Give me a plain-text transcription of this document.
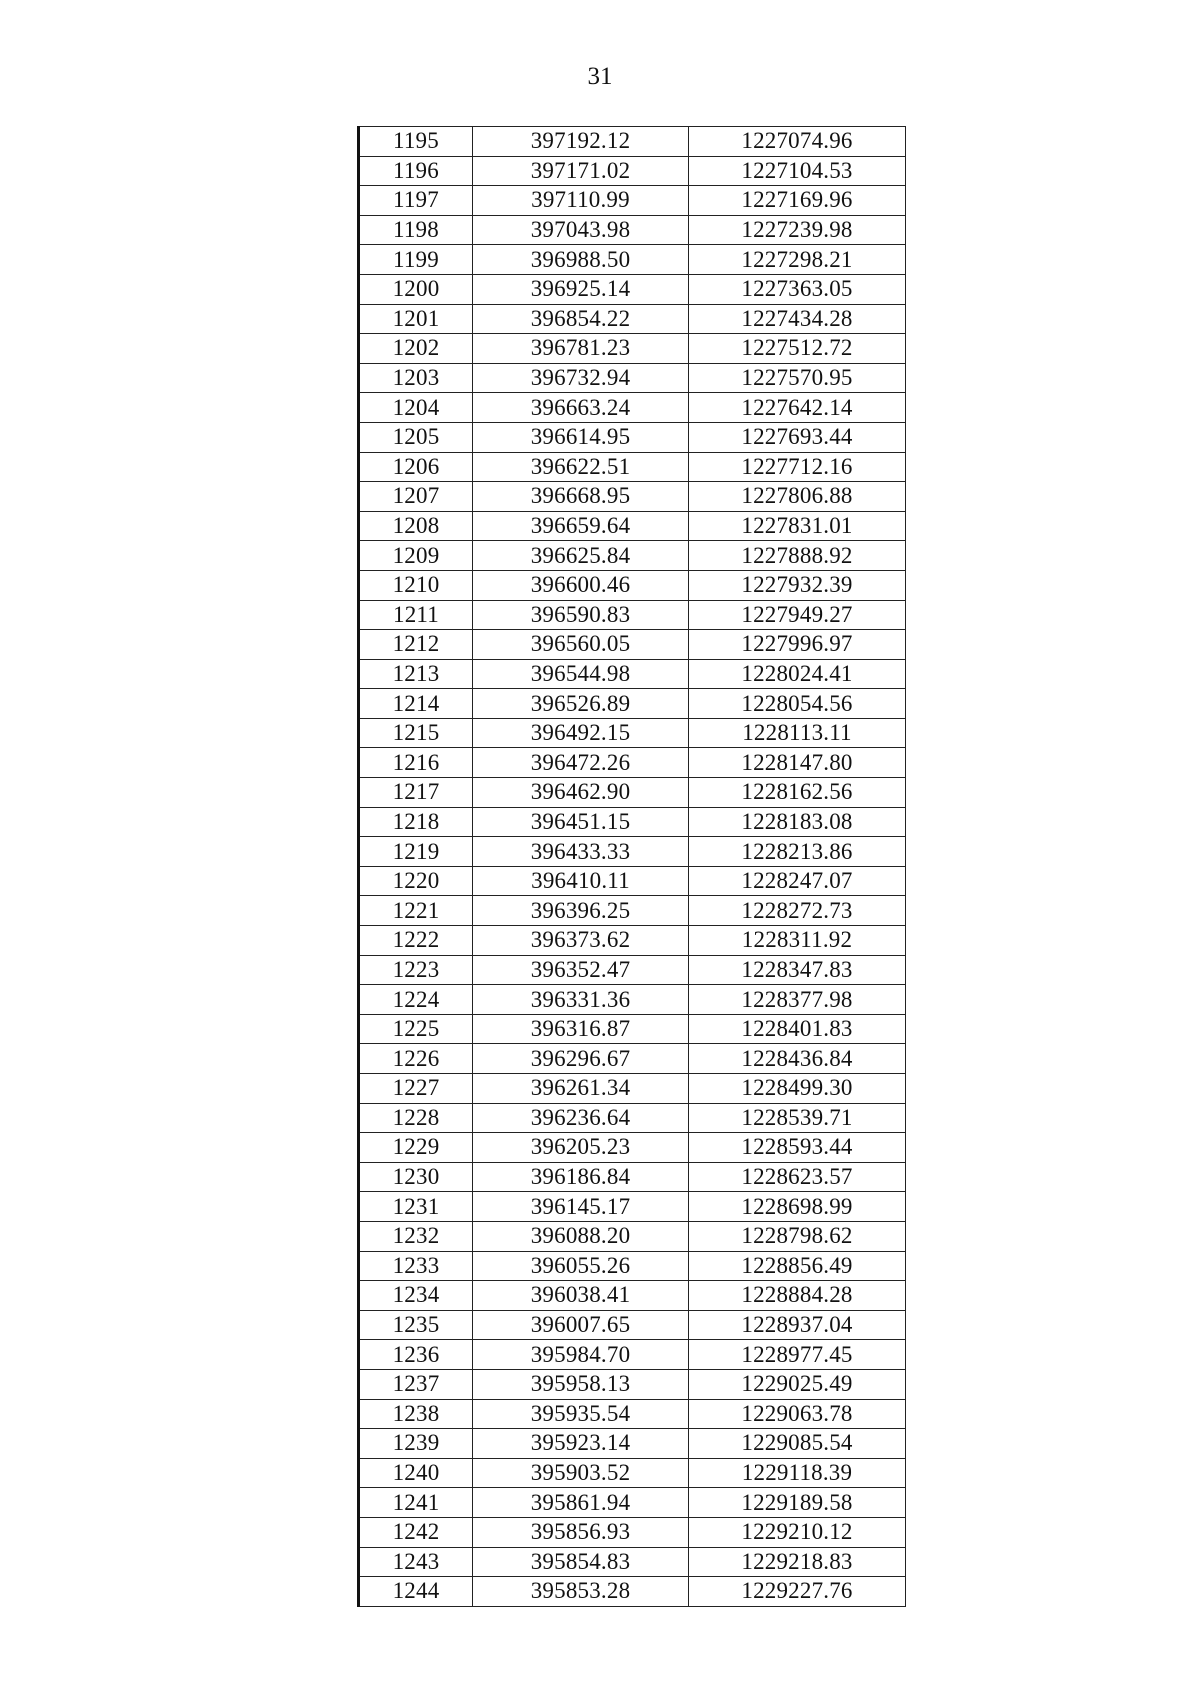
31
1195	397192.12	1227074.96
1196	397171.02	1227104.53
1197	397110.99	1227169.96
1198	397043.98	1227239.98
1199	396988.50	1227298.21
1200	396925.14	1227363.05
1201	396854.22	1227434.28
1202	396781.23	1227512.72
1203	396732.94	1227570.95
1204	396663.24	1227642.14
1205	396614.95	1227693.44
1206	396622.51	1227712.16
1207	396668.95	1227806.88
1208	396659.64	1227831.01
1209	396625.84	1227888.92
1210	396600.46	1227932.39
1211	396590.83	1227949.27
1212	396560.05	1227996.97
1213	396544.98	1228024.41
1214	396526.89	1228054.56
1215	396492.15	1228113.11
1216	396472.26	1228147.80
1217	396462.90	1228162.56
1218	396451.15	1228183.08
1219	396433.33	1228213.86
1220	396410.11	1228247.07
1221	396396.25	1228272.73
1222	396373.62	1228311.92
1223	396352.47	1228347.83
1224	396331.36	1228377.98
1225	396316.87	1228401.83
1226	396296.67	1228436.84
1227	396261.34	1228499.30
1228	396236.64	1228539.71
1229	396205.23	1228593.44
1230	396186.84	1228623.57
1231	396145.17	1228698.99
1232	396088.20	1228798.62
1233	396055.26	1228856.49
1234	396038.41	1228884.28
1235	396007.65	1228937.04
1236	395984.70	1228977.45
1237	395958.13	1229025.49
1238	395935.54	1229063.78
1239	395923.14	1229085.54
1240	395903.52	1229118.39
1241	395861.94	1229189.58
1242	395856.93	1229210.12
1243	395854.83	1229218.83
1244	395853.28	1229227.76
